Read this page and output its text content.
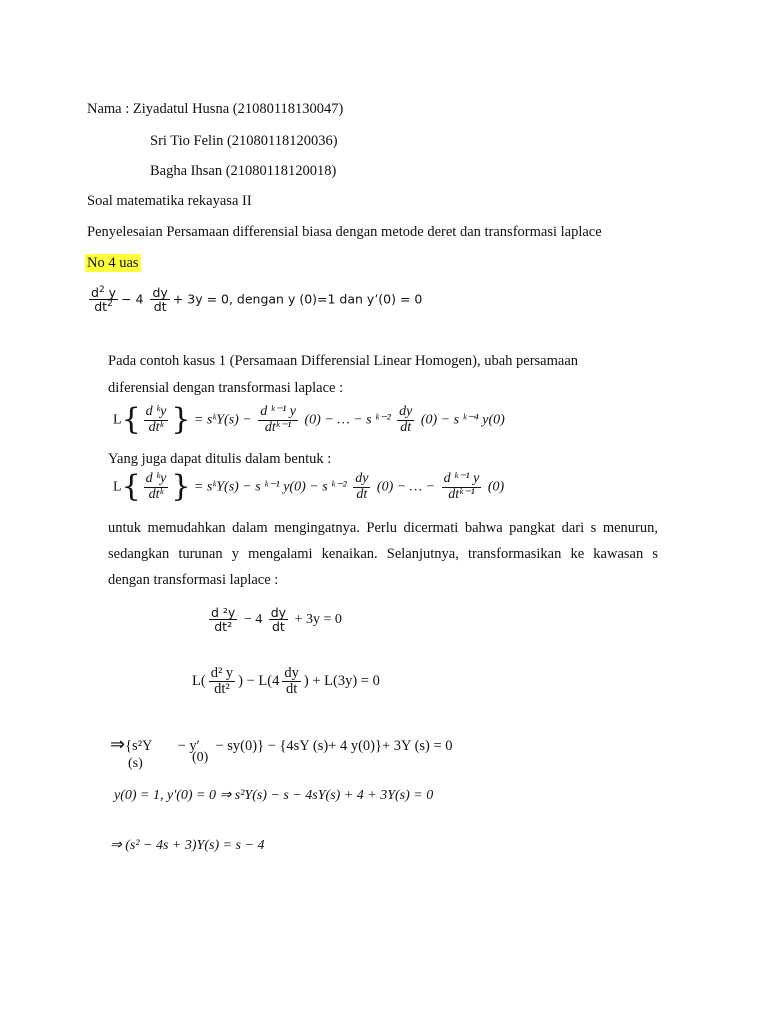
Nama : Ziyadatul Husna (21080118130047)
Sri Tio Felin (21080118120036)
Bagha Ihsan (21080118120018)
Soal matematika rekayasa II
Penyelesaian Persamaan differensial biasa dengan metode deret dan transformasi laplace
No 4 uas
$\frac{d^2 y}{dt^2} - 4 \frac{dy}{dt} + 3y = 0$, dengan y (0)=1 dan y’(0) = 0
Pada contoh kasus 1 (Persamaan Differensial Linear Homogen), ubah persamaan
diferensial dengan transformasi laplace :
$L\{ \frac{\text{d ᵏy}}{\text{dtᵏ}}$ } = sᵏY(s) − $\frac{\text{d ᵏ⁻¹ y}}{\text{dtᵏ⁻¹}} (0)$ − … − s ᵏ⁻² $\frac{dy}{dt} (0) - s$ ᵏ⁻⁴ y(0)
Yang juga dapat ditulis dalam bentuk :
$L\{ \frac{\text{d ᵏy}}{\text{dtᵏ}}$ } = sᵏY(s) − s ᵏ⁻¹ y(0) − s ᵏ⁻² $\frac{dy}{dt} (0)$ − … − $\frac{\text{d ᵏ⁻¹ y}}{\text{dtᵏ⁻¹}} (0)$
untuk memudahkan dalam mengingatnya. Perlu dicermati bahwa pangkat dari s menurun,
sedangkan turunan y mengalami kenaikan. Selanjutnya, transformasikan ke kawasan s
dengan transformasi laplace :
$\frac{\text{d ²y}}{\text{dt²}} - 4 \frac{dy}{dt} + 3y = 0$
$L( \frac{\text{d² y}}{\text{dt²}}$ ) − $L(4 \frac{dy}{dt}$ ) + L(3y) = 0
⇒{s²Y − y′ − sy(0)} − {4sY (s)+ 4 y(0)}+ 3Y (s) = 0
(s)	(0)
y(0) = 1, y′(0) = 0 ⇒ s²Y(s) − s − 4sY(s) + 4 + 3Y(s) = 0
⇒ (s² − 4s + 3)Y(s) = s − 4
